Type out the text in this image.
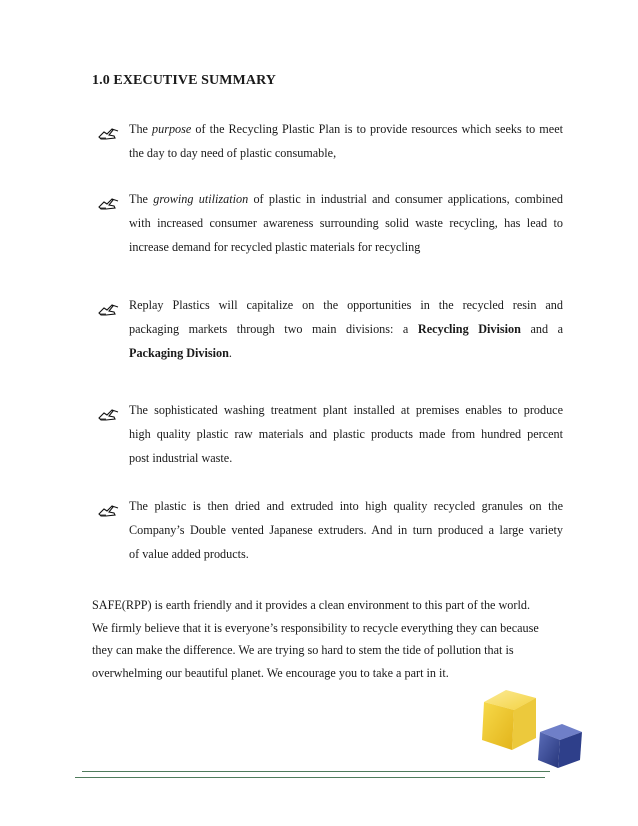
1.0 EXECUTIVE SUMMARY
The purpose of the Recycling Plastic Plan is to provide resources which seeks to meet
the day to day need of plastic consumable,
The growing utilization of plastic in industrial and consumer applications, combined
with increased consumer awareness surrounding solid waste recycling, has lead to
increase demand for recycled plastic materials for recycling
Replay Plastics will capitalize on the opportunities in the recycled resin and
packaging markets through two main divisions: a Recycling Division and a
Packaging Division.
The sophisticated washing treatment plant installed at premises enables to produce
high quality plastic raw materials and plastic products made from hundred percent
post industrial waste.
The plastic is then dried and extruded into high quality recycled granules on the
Company’s Double vented Japanese extruders. And in turn produced a large variety
of value added products.

SAFE(RPP) is earth friendly and it provides a clean environment to this part of the world.

We firmly believe that it is everyone’s responsibility to recycle everything they can because

they can make the difference. We are trying so hard to stem the tide of pollution that is

overwhelming our beautiful planet. We encourage you to take a part in it.
